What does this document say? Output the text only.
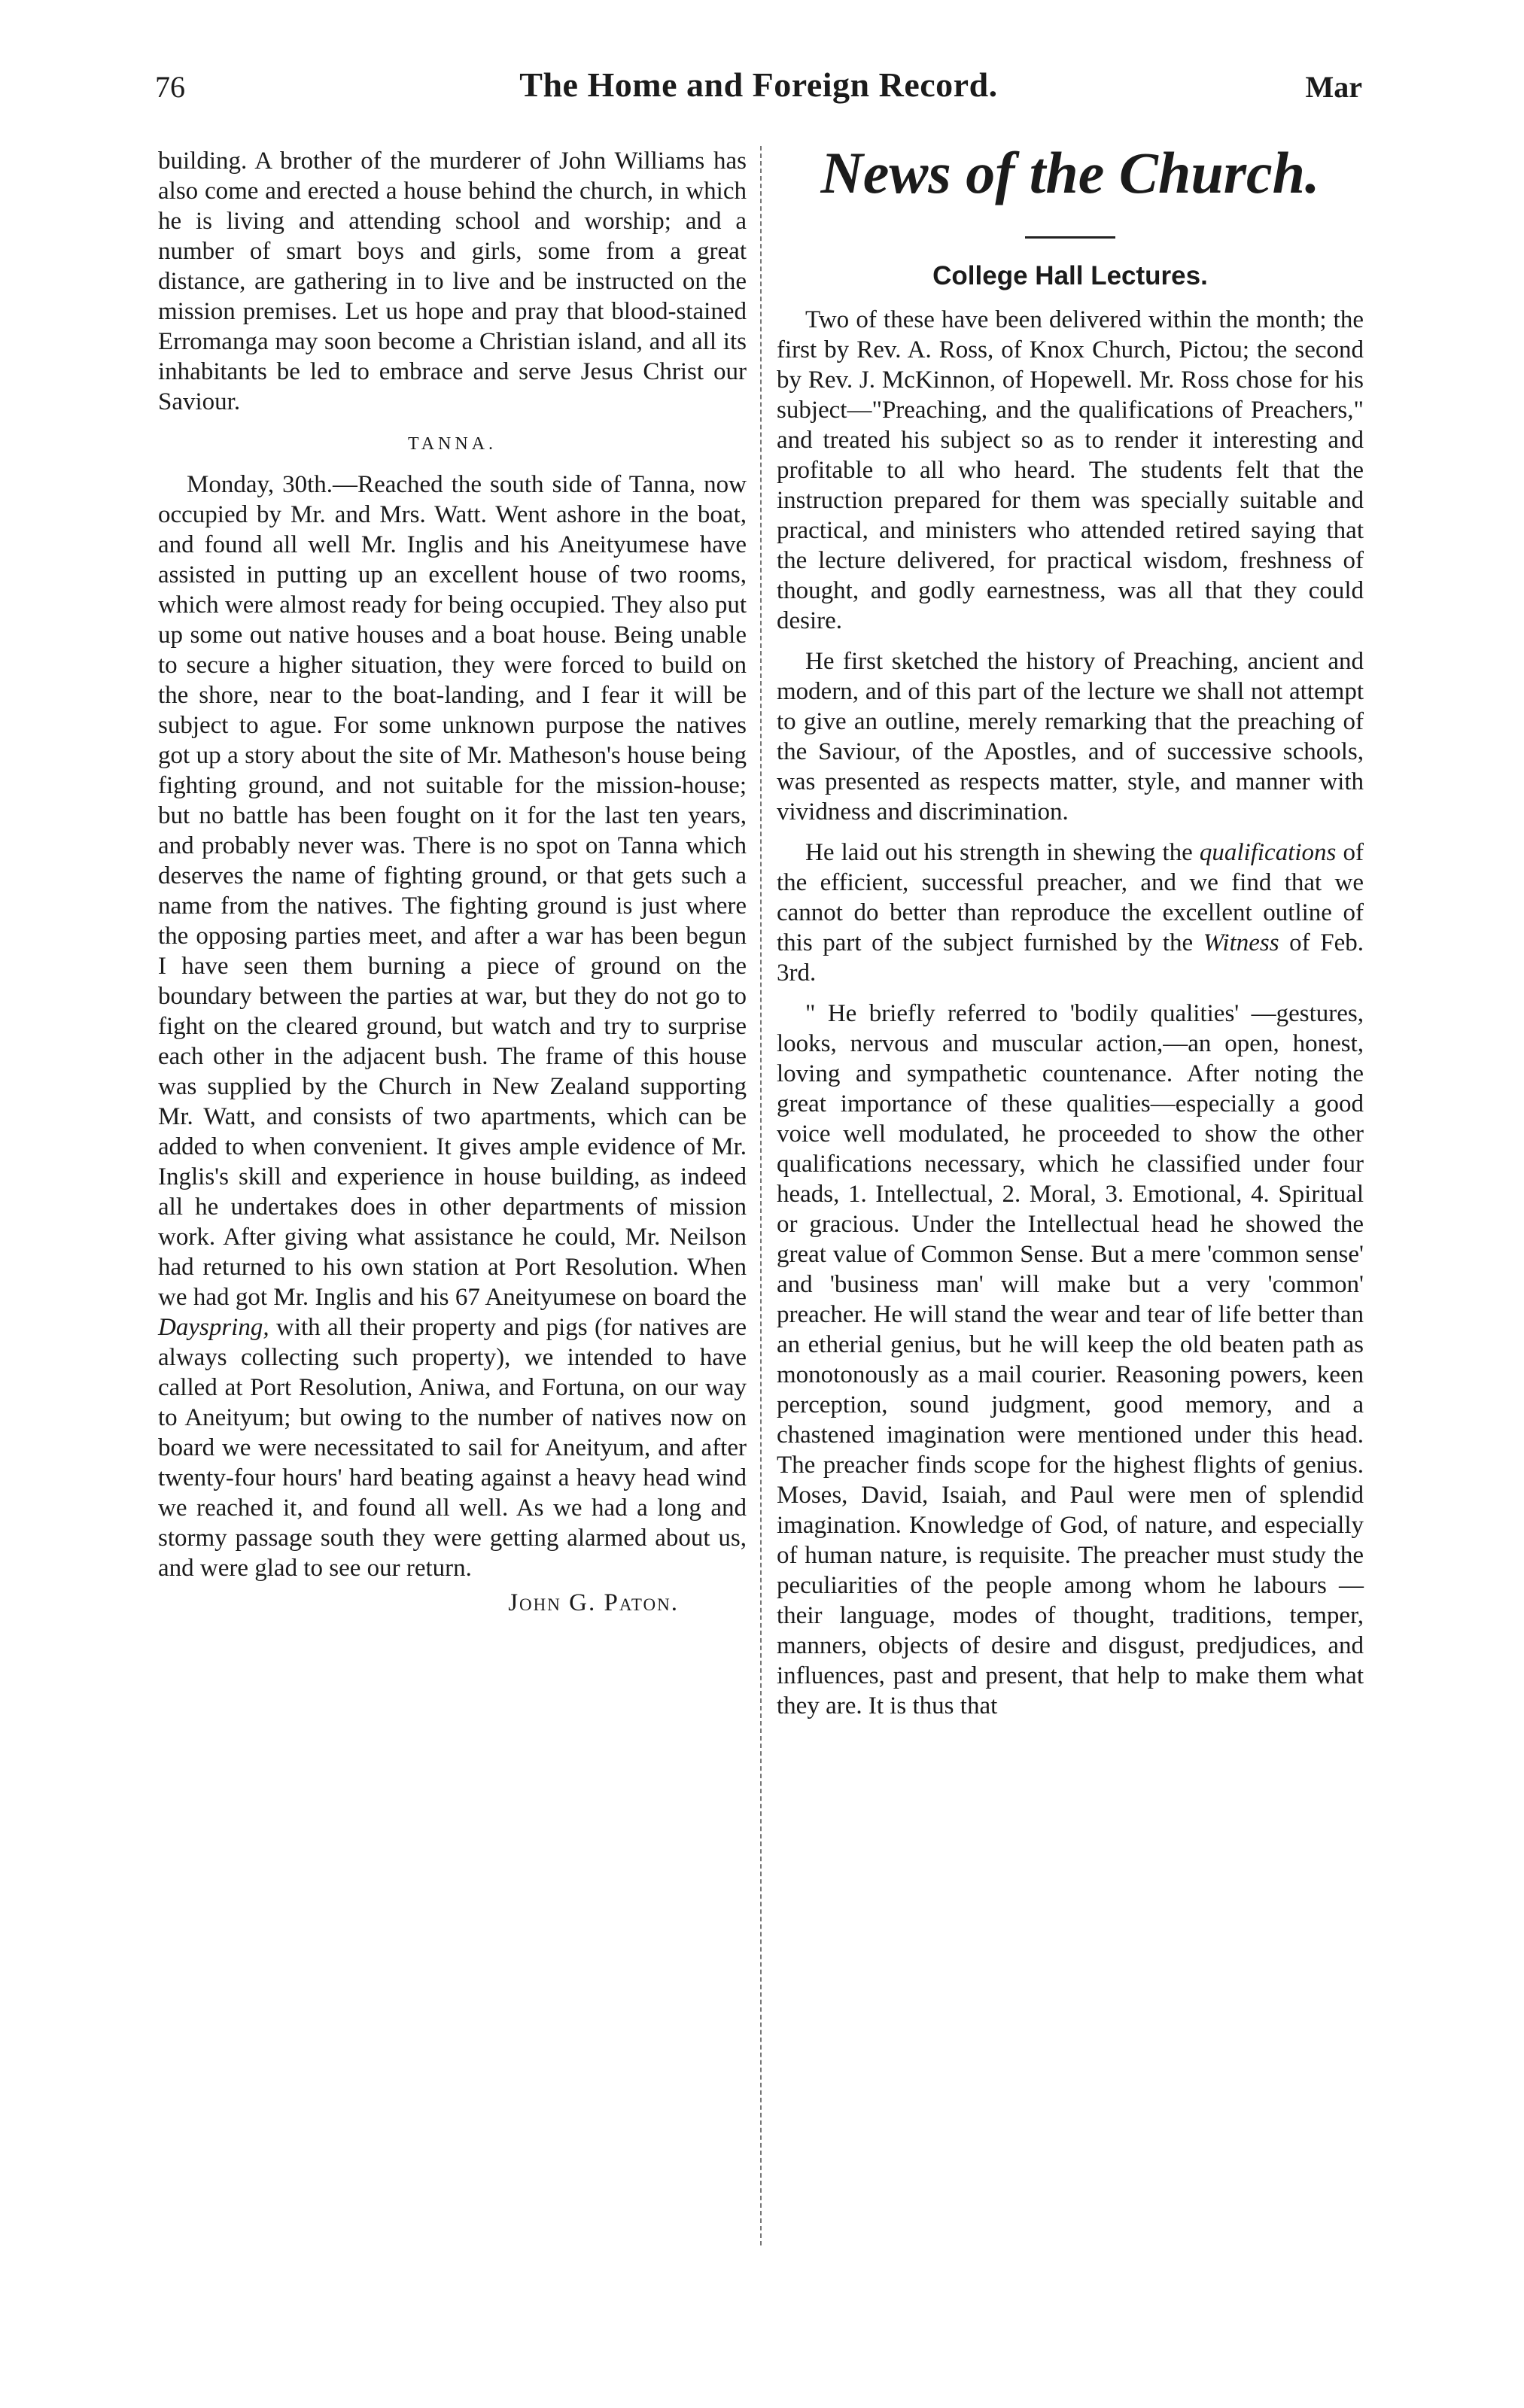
76	The Home and Foreign Record.	Mar

building. A brother of the murderer of John Williams has also come and erected a house behind the church, in which he is living and attending school and worship; and a number of smart boys and girls, some from a great distance, are gathering in to live and be instructed on the mission premises. Let us hope and pray that blood-stained Erromanga may soon become a Christian island, and all its inhabitants be led to embrace and serve Jesus Christ our Saviour.

TANNA.

Monday, 30th.—Reached the south side of Tanna, now occupied by Mr. and Mrs. Watt. Went ashore in the boat, and found all well Mr. Inglis and his Aneityumese have assisted in putting up an excellent house of two rooms, which were almost ready for being occupied. They also put up some out native houses and a boat house. Being unable to secure a higher situation, they were forced to build on the shore, near to the boat-landing, and I fear it will be subject to ague. For some unknown purpose the natives got up a story about the site of Mr. Matheson's house being fighting ground, and not suitable for the mission-house; but no battle has been fought on it for the last ten years, and probably never was. There is no spot on Tanna which deserves the name of fighting ground, or that gets such a name from the natives. The fighting ground is just where the opposing parties meet, and after a war has been begun I have seen them burning a piece of ground on the boundary between the parties at war, but they do not go to fight on the cleared ground, but watch and try to surprise each other in the adjacent bush. The frame of this house was supplied by the Church in New Zealand supporting Mr. Watt, and consists of two apartments, which can be added to when convenient. It gives ample evidence of Mr. Inglis's skill and experience in house building, as indeed all he undertakes does in other departments of mission work. After giving what assistance he could, Mr. Neilson had returned to his own station at Port Resolution. When we had got Mr. Inglis and his 67 Aneityumese on board the Dayspring, with all their property and pigs (for natives are always collecting such property), we intended to have called at Port Resolution, Aniwa, and Fortuna, on our way to Aneityum; but owing to the number of natives now on board we were necessitated to sail for Aneityum, and after twenty-four hours' hard beating against a heavy head wind we reached it, and found all well. As we had a long and stormy passage south they were getting alarmed about us, and were glad to see our return.

John G. Paton.
News of the Church.
College Hall Lectures.

Two of these have been delivered within the month; the first by Rev. A. Ross, of Knox Church, Pictou; the second by Rev. J. McKinnon, of Hopewell. Mr. Ross chose for his subject—"Preaching, and the qualifications of Preachers," and treated his subject so as to render it interesting and profitable to all who heard. The students felt that the instruction prepared for them was specially suitable and practical, and ministers who attended retired saying that the lecture delivered, for practical wisdom, freshness of thought, and godly earnestness, was all that they could desire.

He first sketched the history of Preaching, ancient and modern, and of this part of the lecture we shall not attempt to give an outline, merely remarking that the preaching of the Saviour, of the Apostles, and of successive schools, was presented as respects matter, style, and manner with vividness and discrimination.

He laid out his strength in shewing the qualifications of the efficient, successful preacher, and we find that we cannot do better than reproduce the excellent outline of this part of the subject furnished by the Witness of Feb. 3rd.

" He briefly referred to 'bodily qualities' —gestures, looks, nervous and muscular action,—an open, honest, loving and sympathetic countenance. After noting the great importance of these qualities—especially a good voice well modulated, he proceeded to show the other qualifications necessary, which he classified under four heads, 1. Intellectual, 2. Moral, 3. Emotional, 4. Spiritual or gracious. Under the Intellectual head he showed the great value of Common Sense. But a mere 'common sense' and 'business man' will make but a very 'common' preacher. He will stand the wear and tear of life better than an etherial genius, but he will keep the old beaten path as monotonously as a mail courier. Reasoning powers, keen perception, sound judgment, good memory, and a chastened imagination were mentioned under this head. The preacher finds scope for the highest flights of genius. Moses, David, Isaiah, and Paul were men of splendid imagination. Knowledge of God, of nature, and especially of human nature, is requisite. The preacher must study the peculiarities of the people among whom he labours — their language, modes of thought, traditions, temper, manners, objects of desire and disgust, predjudices, and influences, past and present, that help to make them what they are. It is thus that
